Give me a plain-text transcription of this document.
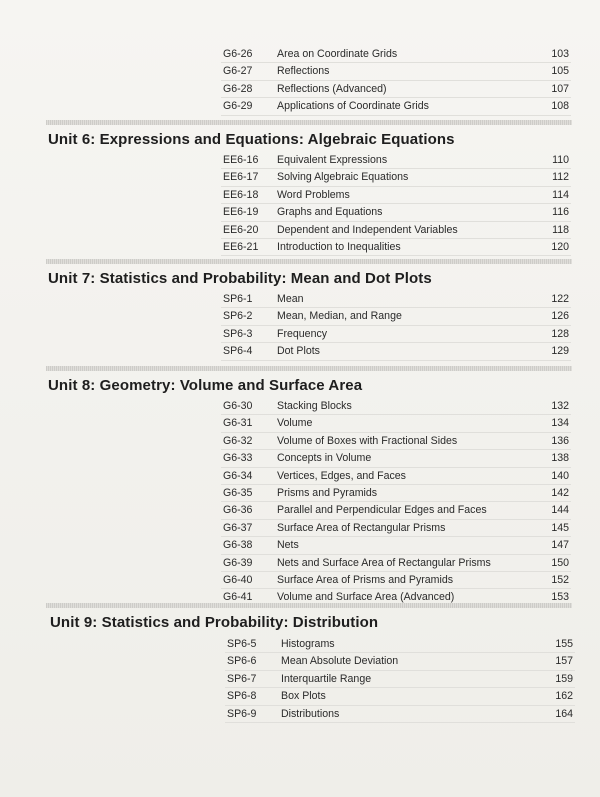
G6-26 Area on Coordinate Grids	103
G6-27 Reflections	105
G6-28 Reflections (Advanced)	107
G6-29 Applications of Coordinate Grids	108
Unit 6: Expressions and Equations: Algebraic Equations
EE6-16 Equivalent Expressions	110
EE6-17 Solving Algebraic Equations	112
EE6-18 Word Problems	114
EE6-19 Graphs and Equations	116
EE6-20 Dependent and Independent Variables	118
EE6-21 Introduction to Inequalities	120
Unit 7: Statistics and Probability: Mean and Dot Plots
SP6-1 Mean	122
SP6-2 Mean, Median, and Range	126
SP6-3 Frequency	128
SP6-4 Dot Plots	129
Unit 8: Geometry: Volume and Surface Area
G6-30 Stacking Blocks	132
G6-31 Volume	134
G6-32 Volume of Boxes with Fractional Sides	136
G6-33 Concepts in Volume	138
G6-34 Vertices, Edges, and Faces	140
G6-35 Prisms and Pyramids	142
G6-36 Parallel and Perpendicular Edges and Faces	144
G6-37 Surface Area of Rectangular Prisms	145
G6-38 Nets	147
G6-39 Nets and Surface Area of Rectangular Prisms	150
G6-40 Surface Area of Prisms and Pyramids	152
G6-41 Volume and Surface Area (Advanced)	153
Unit 9: Statistics and Probability: Distribution
SP6-5 Histograms	155
SP6-6 Mean Absolute Deviation	157
SP6-7 Interquartile Range	159
SP6-8 Box Plots	162
SP6-9 Distributions	164
